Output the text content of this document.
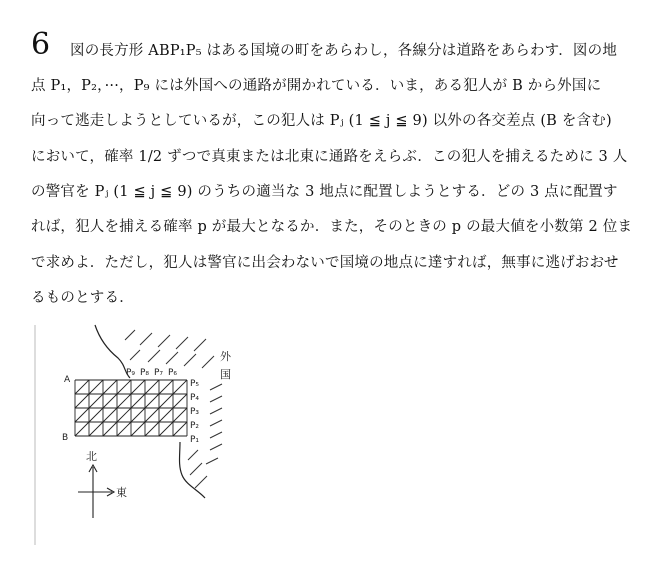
6 図の長方形 ABP₁P₅ はある国境の町をあらわし，各線分は道路をあらわす．図の地
点 P₁，P₂，···，P₉ には外国への通路が開かれている．いま，ある犯人が B から外国に
向って逃走しようとしているが，この犯人は Pⱼ (1 ≦ j ≦ 9) 以外の各交差点 (B を含む)
において，確率 1/2 ずつで真東または北東に通路をえらぶ．この犯人を捕えるために 3 人
の警官を Pⱼ (1 ≦ j ≦ 9) のうちの適当な 3 地点に配置しようとする．どの 3 点に配置す
れば，犯人を捕える確率 p が最大となるか．また，そのときの p の最大値を小数第 2 位ま
で求めよ．ただし，犯人は警官に出会わないで国境の地点に達すれば，無事に逃げおおせ
るものとする．
A
B
P₉ P₈ P₇ P₆
P₅
P₄
P₃
P₂
P₁
外
国
北
東
